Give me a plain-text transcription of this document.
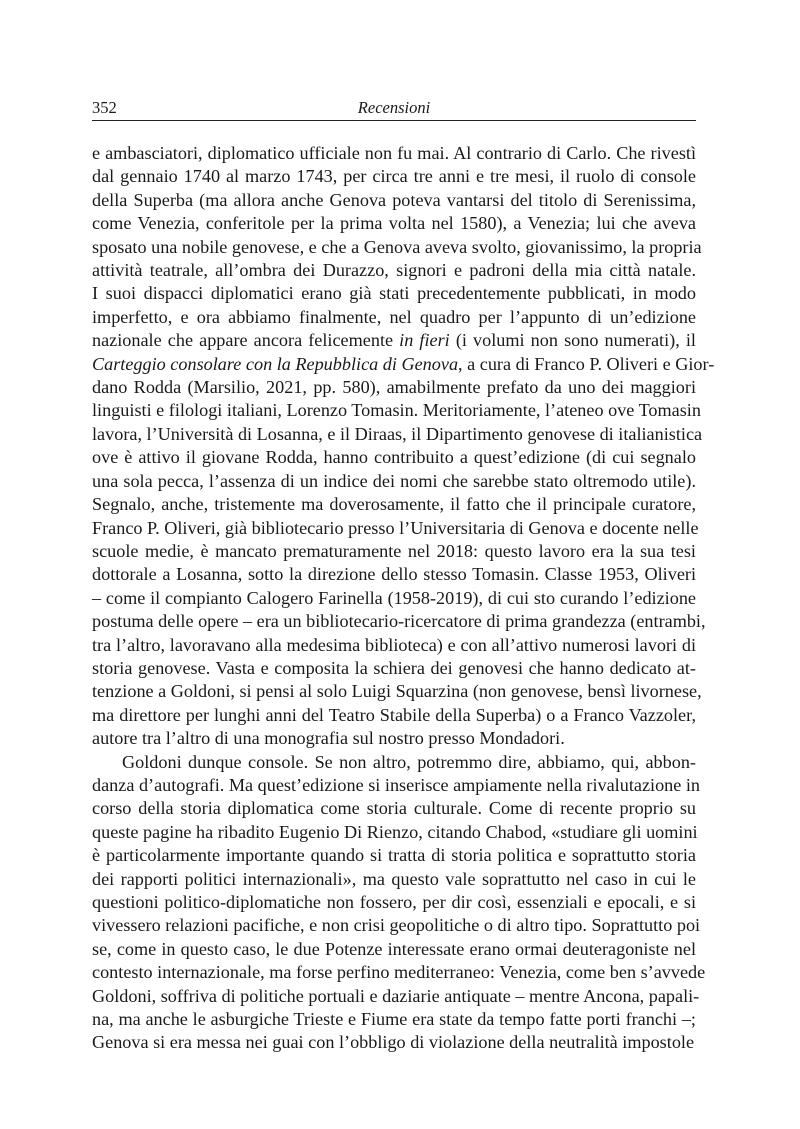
352	Recensioni
e ambasciatori, diplomatico ufficiale non fu mai. Al contrario di Carlo. Che rivestì
dal gennaio 1740 al marzo 1743, per circa tre anni e tre mesi, il ruolo di console
della Superba (ma allora anche Genova poteva vantarsi del titolo di Serenissima,
come Venezia, conferitole per la prima volta nel 1580), a Venezia; lui che aveva
sposato una nobile genovese, e che a Genova aveva svolto, giovanissimo, la propria
attività teatrale, all’ombra dei Durazzo, signori e padroni della mia città natale.
I suoi dispacci diplomatici erano già stati precedentemente pubblicati, in modo
imperfetto, e ora abbiamo finalmente, nel quadro per l’appunto di un’edizione
nazionale che appare ancora felicemente in fieri (i volumi non sono numerati), il
Carteggio consolare con la Repubblica di Genova, a cura di Franco P. Oliveri e Gior-
dano Rodda (Marsilio, 2021, pp. 580), amabilmente prefato da uno dei maggiori
linguisti e filologi italiani, Lorenzo Tomasin. Meritoriamente, l’ateneo ove Tomasin
lavora, l’Università di Losanna, e il Diraas, il Dipartimento genovese di italianistica
ove è attivo il giovane Rodda, hanno contribuito a quest’edizione (di cui segnalo
una sola pecca, l’assenza di un indice dei nomi che sarebbe stato oltremodo utile).
Segnalo, anche, tristemente ma doverosamente, il fatto che il principale curatore,
Franco P. Oliveri, già bibliotecario presso l’Universitaria di Genova e docente nelle
scuole medie, è mancato prematuramente nel 2018: questo lavoro era la sua tesi
dottorale a Losanna, sotto la direzione dello stesso Tomasin. Classe 1953, Oliveri
– come il compianto Calogero Farinella (1958-2019), di cui sto curando l’edizione
postuma delle opere – era un bibliotecario-ricercatore di prima grandezza (entrambi,
tra l’altro, lavoravano alla medesima biblioteca) e con all’attivo numerosi lavori di
storia genovese. Vasta e composita la schiera dei genovesi che hanno dedicato at-
tenzione a Goldoni, si pensi al solo Luigi Squarzina (non genovese, bensì livornese,
ma direttore per lunghi anni del Teatro Stabile della Superba) o a Franco Vazzoler,
autore tra l’altro di una monografia sul nostro presso Mondadori.
Goldoni dunque console. Se non altro, potremmo dire, abbiamo, qui, abbon-
danza d’autografi. Ma quest’edizione si inserisce ampiamente nella rivalutazione in
corso della storia diplomatica come storia culturale. Come di recente proprio su
queste pagine ha ribadito Eugenio Di Rienzo, citando Chabod, «studiare gli uomini
è particolarmente importante quando si tratta di storia politica e soprattutto storia
dei rapporti politici internazionali», ma questo vale soprattutto nel caso in cui le
questioni politico-diplomatiche non fossero, per dir così, essenziali e epocali, e si
vivessero relazioni pacifiche, e non crisi geopolitiche o di altro tipo. Soprattutto poi
se, come in questo caso, le due Potenze interessate erano ormai deuteragoniste nel
contesto internazionale, ma forse perfino mediterraneo: Venezia, come ben s’avvede
Goldoni, soffriva di politiche portuali e daziarie antiquate – mentre Ancona, papali-
na, ma anche le asburgiche Trieste e Fiume era state da tempo fatte porti franchi –;
Genova si era messa nei guai con l’obbligo di violazione della neutralità impostole
